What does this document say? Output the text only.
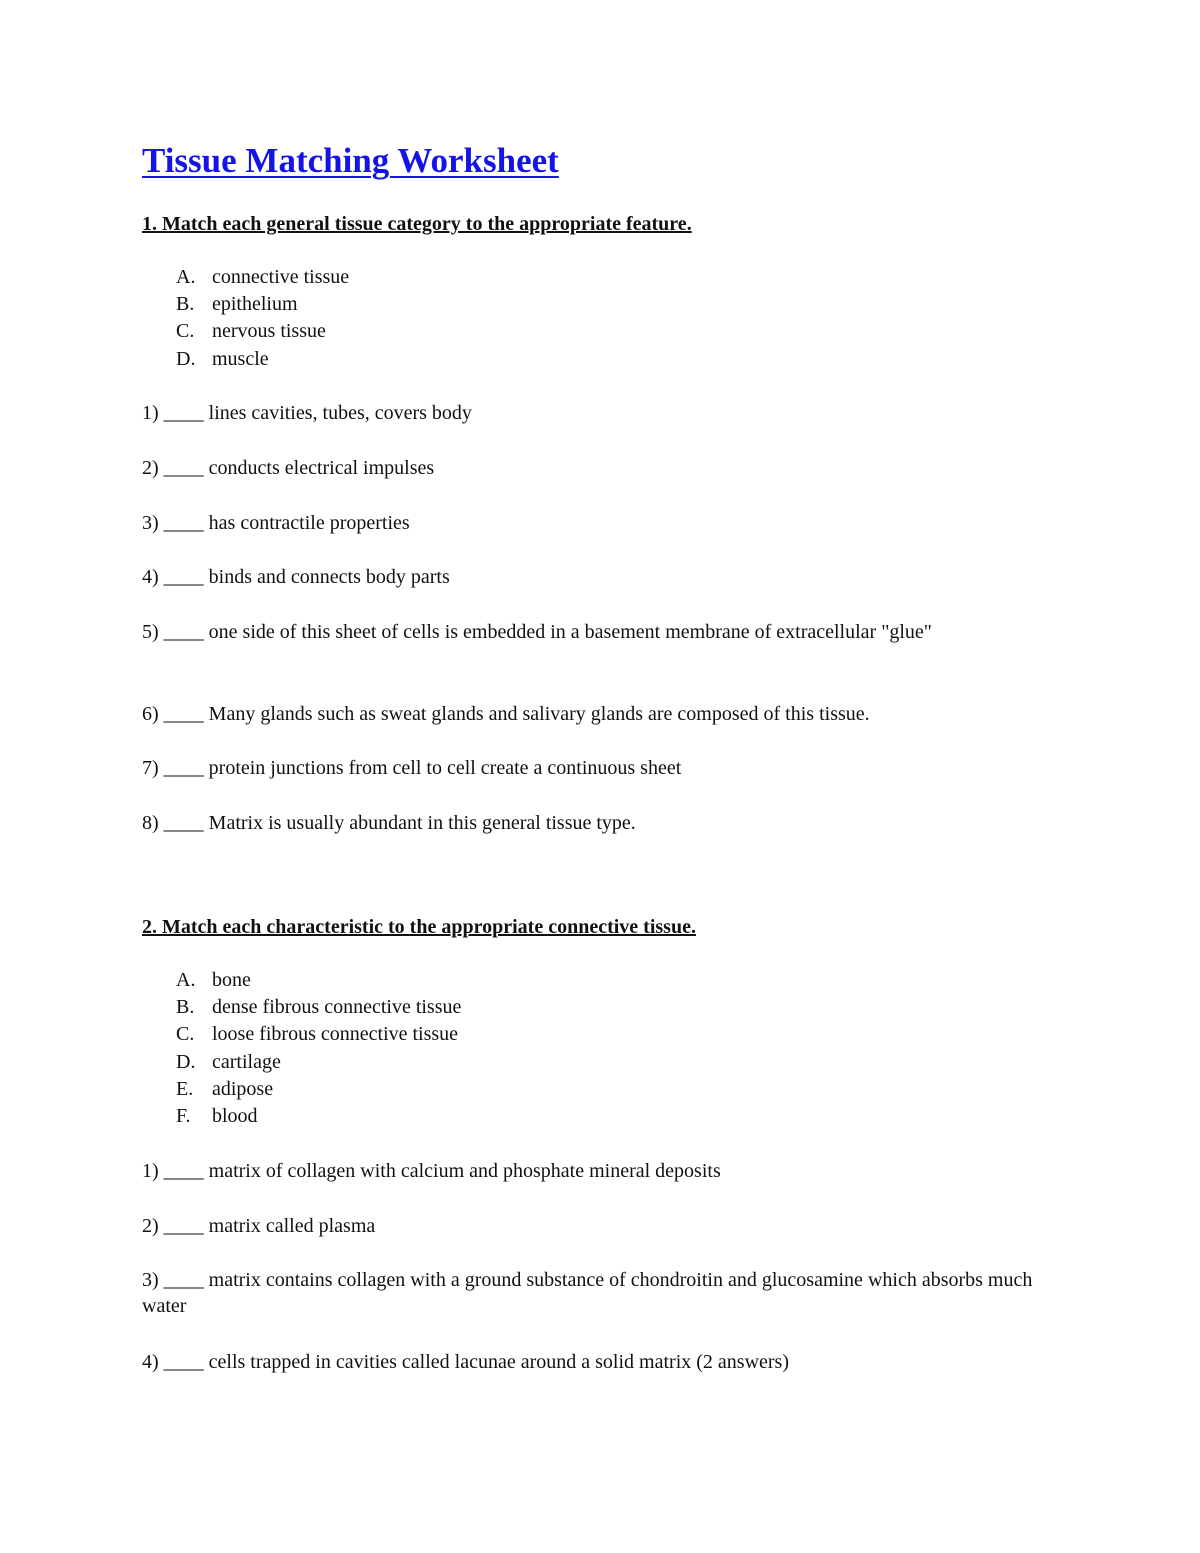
Tissue Matching Worksheet

1. Match each general tissue category to the appropriate feature.

A. connective tissue
B. epithelium
C. nervous tissue
D. muscle

1) ____ lines cavities, tubes, covers body

2) ____ conducts electrical impulses

3) ____ has contractile properties

4) ____ binds and connects body parts

5) ____ one side of this sheet of cells is embedded in a basement membrane of extracellular "glue"

6) ____ Many glands such as sweat glands and salivary glands are composed of this tissue.

7) ____ protein junctions from cell to cell create a continuous sheet

8) ____ Matrix is usually abundant in this general tissue type.

2. Match each characteristic to the appropriate connective tissue.

A. bone
B. dense fibrous connective tissue
C. loose fibrous connective tissue
D. cartilage
E. adipose
F.	blood

1) ____ matrix of collagen with calcium and phosphate mineral deposits

2) ____ matrix called plasma

3) ____ matrix contains collagen with a ground substance of chondroitin and glucosamine which absorbs much water

4) ____ cells trapped in cavities called lacunae around a solid matrix (2 answers)
